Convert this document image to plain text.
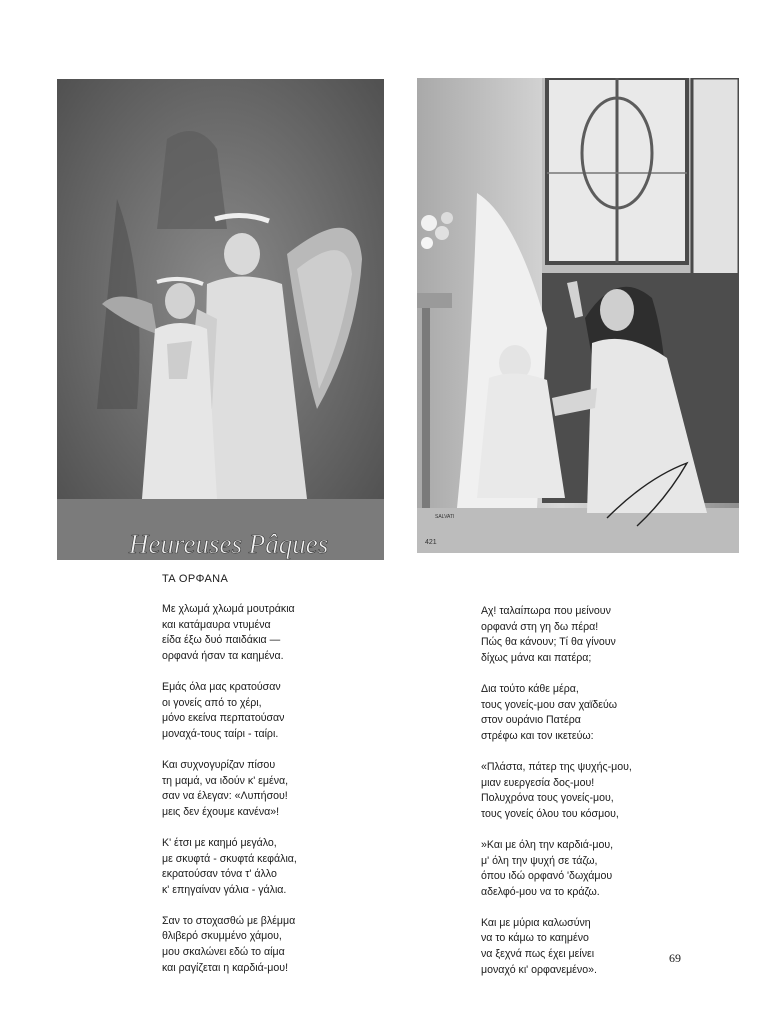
Heureuses Pâques	421
SALVATI
ΤΑ ΟΡΦΑΝΑ
Με χλωμά χλωμά μουτράκια
και κατάμαυρα ντυμένα
είδα έξω δυό παιδάκια —
ορφανά ήσαν τα καημένα.
Εμάς όλα μας κρατούσαν
οι γονείς από το χέρι,
μόνο εκείνα περπατούσαν
μοναχά-τους ταίρι - ταίρι.
Και συχνογυρίζαν πίσου
τη μαμά, να ιδούν κ' εμένα,
σαν να έλεγαν: «Λυπήσου!
μεις δεν έχουμε κανένα»!
Κ' έτσι με καημό μεγάλο,
με σκυφτά - σκυφτά κεφάλια,
εκρατούσαν τόνα τ' άλλο
κ' επηγαίναν γάλια - γάλια.
Σαν το στοχασθώ με βλέμμα
θλιβερό σκυμμένο χάμου,
μου σκαλώνει εδώ το αίμα
και ραγίζεται η καρδιά-μου!
Αχ! ταλαίπωρα που μείνουν
ορφανά στη γη δω πέρα!
Πώς θα κάνουν; Τί θα γίνουν
δίχως μάνα και πατέρα;
Δια τούτο κάθε μέρα,
τους γονείς-μου σαν χαϊδεύω
στον ουράνιο Πατέρα
στρέφω και τον ικετεύω:
«Πλάστα, πάτερ της ψυχής-μου,
μιαν ευεργεσία δος-μου!
Πολυχρόνα τους γονείς-μου,
τους γονείς όλου του κόσμου,
»Και με όλη την καρδιά-μου,
μ' όλη την ψυχή σε τάζω,
όπου ιδώ ορφανό 'δωχάμου
αδελφό-μου να το κράζω.
Και με μύρια καλωσύνη
να το κάμω το καημένο
να ξεχνά πως έχει μείνει
μοναχό κι' ορφανεμένο».
69
